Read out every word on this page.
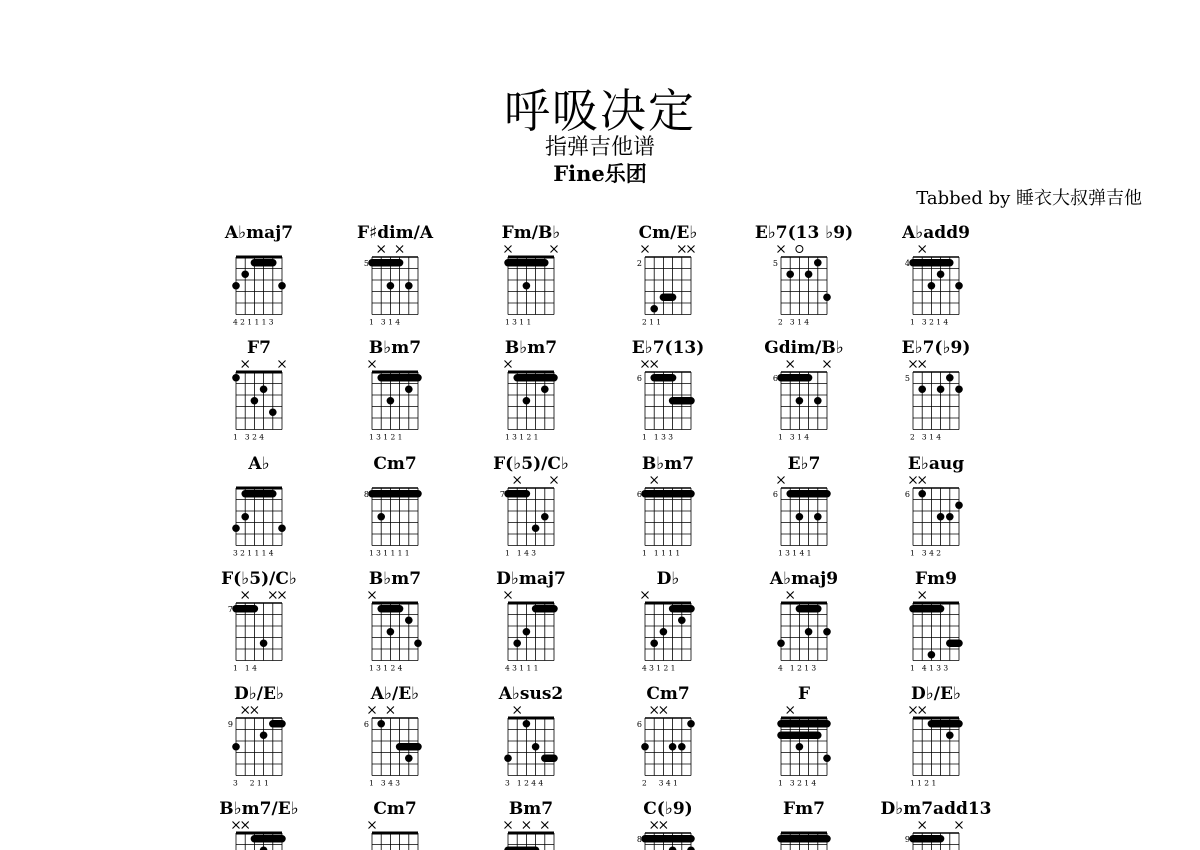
呼吸决定
指弹吉他谱
Fine乐团
Tabbed by 睡衣大叔弹吉他
A♭maj7
4 2 1 1 1 3
F♯dim/A
5
1   3 1 4
Fm/B♭
1 3 1 1
Cm/E♭
2
2 1 1
E♭7(13 ♭9)
5
2   3 1 4
A♭add9
4
1   3 2 1 4
F7
1   3 2 4
B♭m7
1 3 1 2 1
B♭m7
1 3 1 2 1
E♭7(13)
6
1   1 3 3
Gdim/B♭
6
1   3 1 4
E♭7(♭9)
5
2   3 1 4
A♭
3 2 1 1 1 4
Cm7
8
1 3 1 1 1 1
F(♭5)/C♭
7
1   1 4 3
B♭m7
6
1   1 1 1 1
E♭7
6
1 3 1 4 1
E♭aug
6
1   3 4 2
F(♭5)/C♭
7
1   1 4
B♭m7
1 3 1 2 4
D♭maj7
4 3 1 1 1
D♭
4 3 1 2 1
A♭maj9
4   1 2 1 3
Fm9
1   4 1 3 3
D♭/E♭
9
3     2 1 1
A♭/E♭
6
1   3 4 3
A♭sus2
3   1 2 4 4
Cm7
6
2     3 4 1
F
1   3 2 1 4
D♭/E♭
1 1 2 1
B♭m7/E♭	Cm7	Bm7	C(♭9)
8
Fm7	D♭m7add13
9
